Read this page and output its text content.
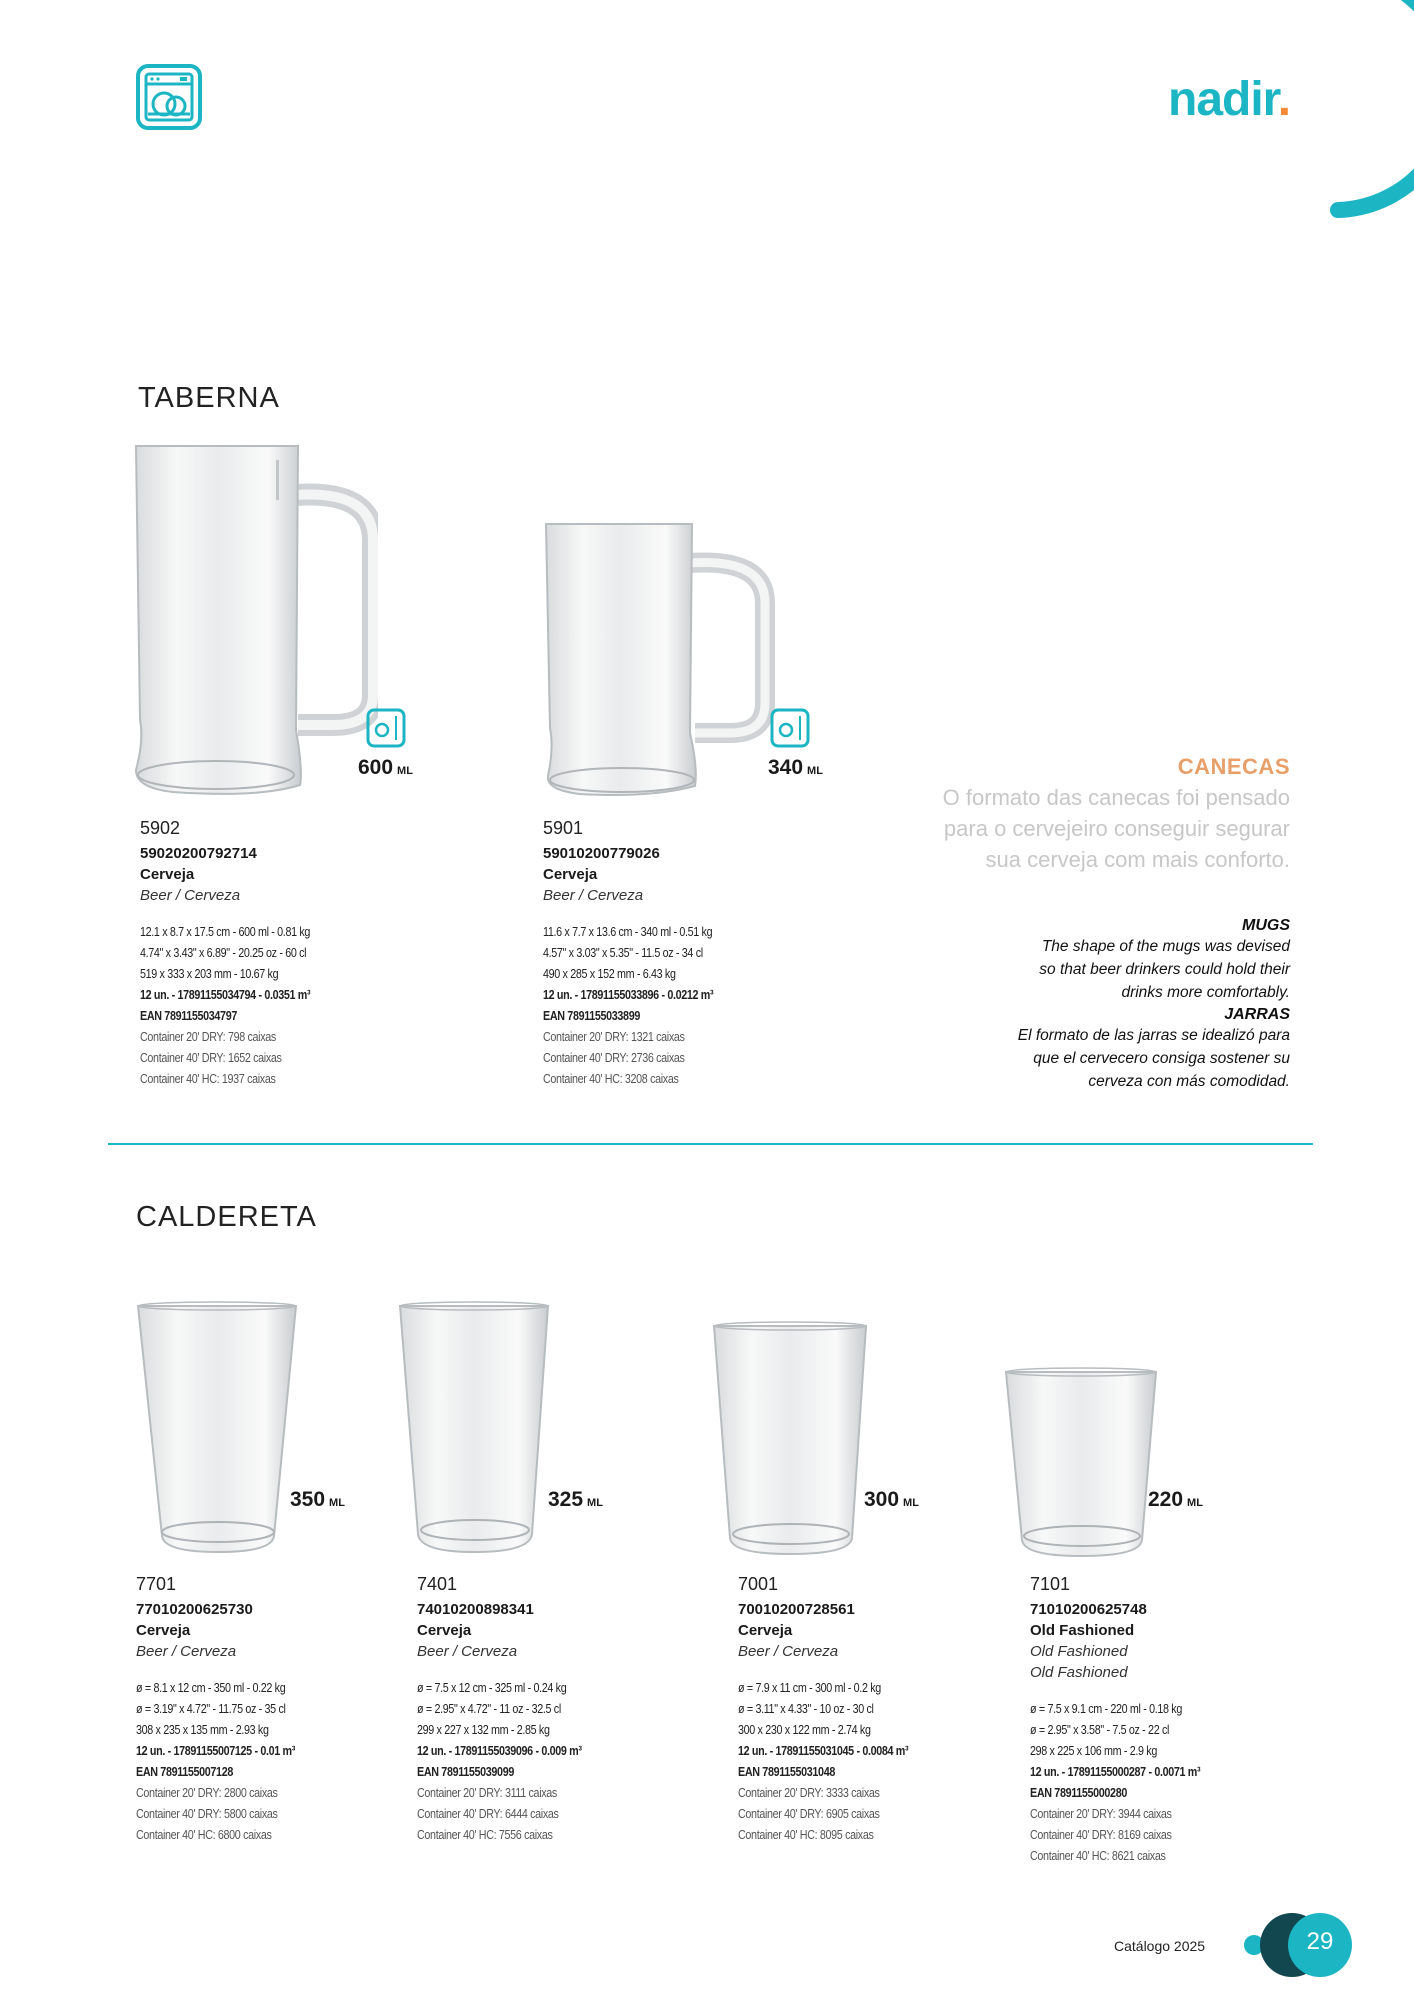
nadir.
TABERNA
600 ML
5902
59020200792714
Cerveja
Beer / Cerveza
12.1 x 8.7 x 17.5 cm - 600 ml - 0.81 kg
4.74" x 3.43" x 6.89" - 20.25 oz - 60 cl
519 x 333 x 203 mm - 10.67 kg
12 un. - 17891155034794 - 0.0351 m³
EAN 7891155034797
Container 20' DRY: 798 caixas
Container 40' DRY: 1652 caixas
Container 40' HC: 1937 caixas
340 ML
5901
59010200779026
Cerveja
Beer / Cerveza
11.6 x 7.7 x 13.6 cm - 340 ml - 0.51 kg
4.57" x 3.03" x 5.35" - 11.5 oz - 34 cl
490 x 285 x 152 mm - 6.43 kg
12 un. - 17891155033896 - 0.0212 m³
EAN 7891155033899
Container 20' DRY: 1321 caixas
Container 40' DRY: 2736 caixas
Container 40' HC: 3208 caixas
CANECAS
O formato das canecas foi pensado
para o cervejeiro conseguir segurar
sua cerveja com mais conforto.
MUGS
The shape of the mugs was devised
so that beer drinkers could hold their
drinks more comfortably.
JARRAS
El formato de las jarras se idealizó para
que el cervecero consiga sostener su
cerveza con más comodidad.
CALDERETA
350 ML	325 ML	300 ML	220 ML
7701
77010200625730
Cerveja
Beer / Cerveza
ø = 8.1 x 12 cm - 350 ml - 0.22 kg
ø = 3.19" x 4.72" - 11.75 oz - 35 cl
308 x 235 x 135 mm - 2.93 kg
12 un. - 17891155007125 - 0.01 m³
EAN 7891155007128
Container 20' DRY: 2800 caixas
Container 40' DRY: 5800 caixas
Container 40' HC: 6800 caixas
7401
74010200898341
Cerveja
Beer / Cerveza
ø = 7.5 x 12 cm - 325 ml - 0.24 kg
ø = 2.95" x 4.72" - 11 oz - 32.5 cl
299 x 227 x 132 mm - 2.85 kg
12 un. - 17891155039096 - 0.009 m³
EAN 7891155039099
Container 20' DRY: 3111 caixas
Container 40' DRY: 6444 caixas
Container 40' HC: 7556 caixas
7001
70010200728561
Cerveja
Beer / Cerveza
ø = 7.9 x 11 cm - 300 ml - 0.2 kg
ø = 3.11" x 4.33" - 10 oz - 30 cl
300 x 230 x 122 mm - 2.74 kg
12 un. - 17891155031045 - 0.0084 m³
EAN 7891155031048
Container 20' DRY: 3333 caixas
Container 40' DRY: 6905 caixas
Container 40' HC: 8095 caixas
7101
71010200625748
Old Fashioned
Old Fashioned
Old Fashioned
ø = 7.5 x 9.1 cm - 220 ml - 0.18 kg
ø = 2.95" x 3.58" - 7.5 oz - 22 cl
298 x 225 x 106 mm - 2.9 kg
12 un. - 17891155000287 - 0.0071 m³
EAN 7891155000280
Container 20' DRY: 3944 caixas
Container 40' DRY: 8169 caixas
Container 40' HC: 8621 caixas
Catálogo 2025	29
